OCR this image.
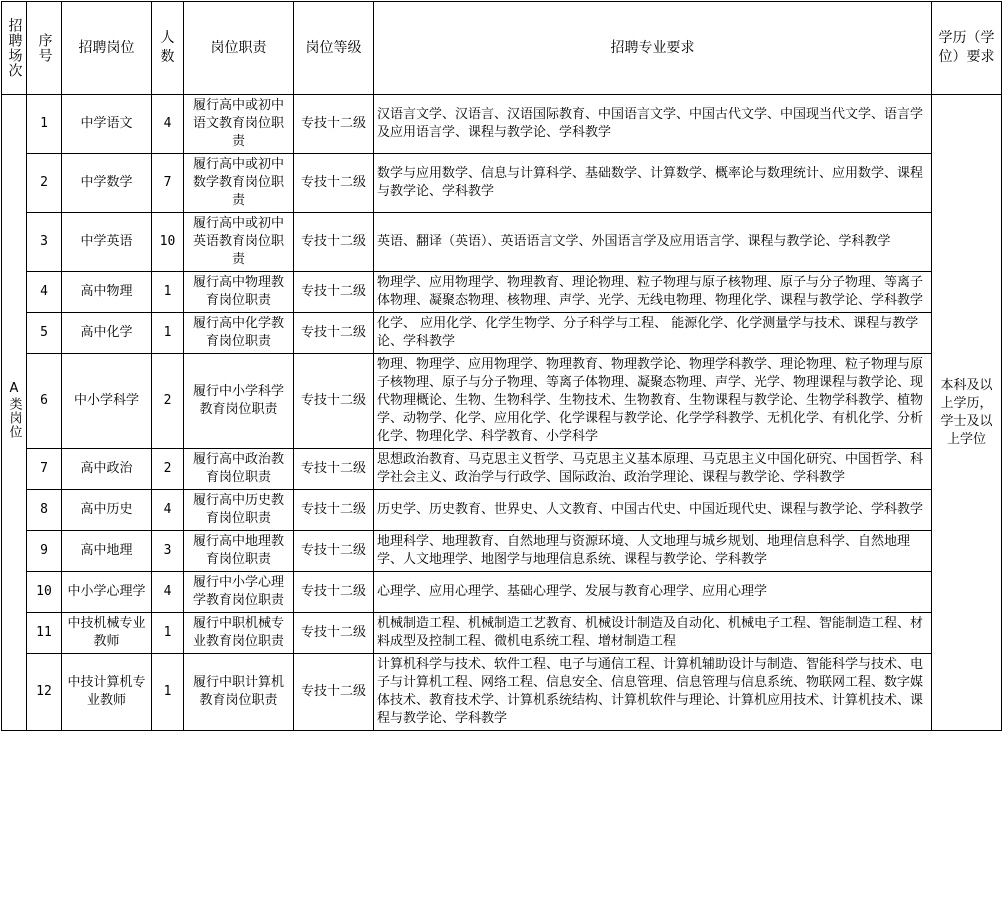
招聘场次	序号	招聘岗位	人数	岗位职责	岗位等级	招聘专业要求	学历（学位）要求
A类岗位	1	中学语文	4	履行高中或初中语文教育岗位职责	专技十二级	汉语言文学、汉语言、汉语国际教育、中国语言文学、中国古代文学、中国现当代文学、语言学及应用语言学、课程与教学论、学科教学	本科及以上学历，学士及以上学位
	2	中学数学	7	履行高中或初中数学教育岗位职责	专技十二级	数学与应用数学、信息与计算科学、基础数学、计算数学、概率论与数理统计、应用数学、课程与教学论、学科教学	
	3	中学英语	10	履行高中或初中英语教育岗位职责	专技十二级	英语、翻译（英语）、英语语言文学、外国语言学及应用语言学、课程与教学论、学科教学	
	4	高中物理	1	履行高中物理教育岗位职责	专技十二级	物理学、应用物理学、物理教育、理论物理、粒子物理与原子核物理、原子与分子物理、等离子体物理、凝聚态物理、核物理、声学、光学、无线电物理、物理化学、课程与教学论、学科教学	
	5	高中化学	1	履行高中化学教育岗位职责	专技十二级	化学、 应用化学、化学生物学、分子科学与工程、 能源化学、化学测量学与技术、课程与教学论、学科教学	
	6	中小学科学	2	履行中小学科学教育岗位职责	专技十二级	物理、物理学、应用物理学、物理教育、物理教学论、物理学科教学、理论物理、粒子物理与原子核物理、原子与分子物理、等离子体物理、凝聚态物理、声学、光学、物理课程与教学论、现代物理概论、生物、生物科学、生物技术、生物教育、生物课程与教学论、生物学科教学、植物学、动物学、化学、应用化学、化学课程与教学论、化学学科教学、无机化学、有机化学、分析化学、物理化学、科学教育、小学科学	
	7	高中政治	2	履行高中政治教育岗位职责	专技十二级	思想政治教育、马克思主义哲学、马克思主义基本原理、马克思主义中国化研究、中国哲学、科学社会主义、政治学与行政学、国际政治、政治学理论、课程与教学论、学科教学	
	8	高中历史	4	履行高中历史教育岗位职责	专技十二级	历史学、历史教育、世界史、人文教育、中国古代史、中国近现代史、课程与教学论、学科教学	
	9	高中地理	3	履行高中地理教育岗位职责	专技十二级	地理科学、地理教育、自然地理与资源环境、人文地理与城乡规划、地理信息科学、自然地理学、人文地理学、地图学与地理信息系统、课程与教学论、学科教学	
	10	中小学心理学	4	履行中小学心理学教育岗位职责	专技十二级	心理学、应用心理学、基础心理学、发展与教育心理学、应用心理学	
	11	中技机械专业教师	1	履行中职机械专业教育岗位职责	专技十二级	机械制造工程、机械制造工艺教育、机械设计制造及自动化、机械电子工程、智能制造工程、材料成型及控制工程、微机电系统工程、增材制造工程	
	12	中技计算机专业教师	1	履行中职计算机教育岗位职责	专技十二级	计算机科学与技术、软件工程、电子与通信工程、计算机辅助设计与制造、智能科学与技术、电子与计算机工程、网络工程、信息安全、信息管理、信息管理与信息系统、物联网工程、数字媒体技术、教育技术学、计算机系统结构、计算机软件与理论、计算机应用技术、计算机技术、课程与教学论、学科教学	
